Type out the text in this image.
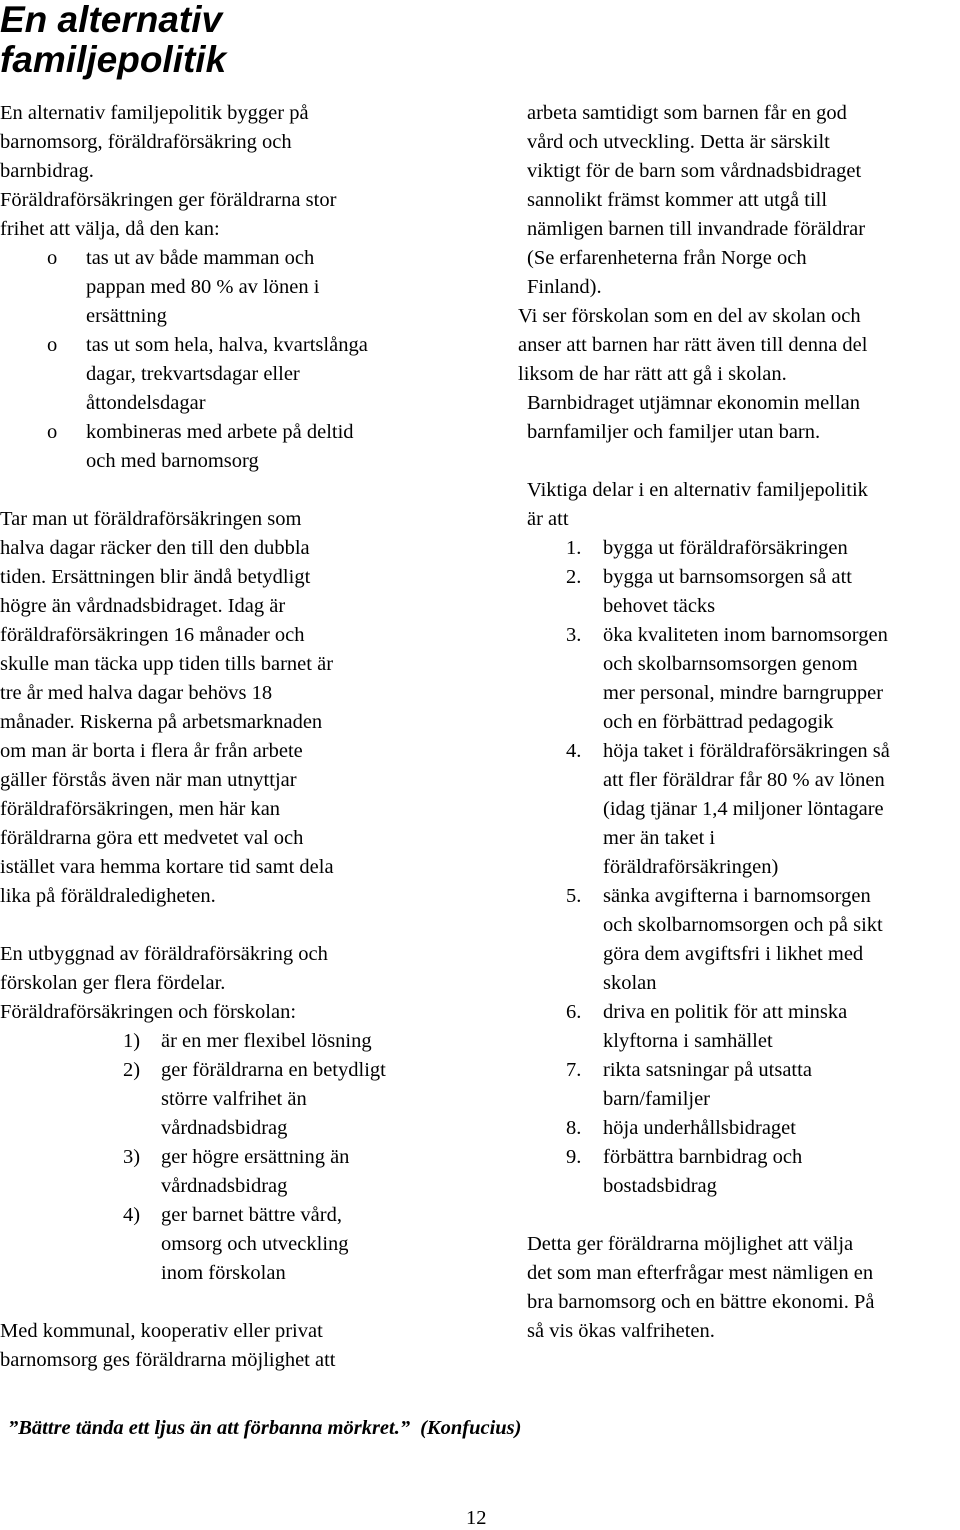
En alternativ
familjepolitik
En alternativ familjepolitik bygger på
barnomsorg, föräldraförsäkring och
barnbidrag.
Föräldraförsäkringen ger föräldrarna stor
frihet att välja, då den kan:
o tas ut av både mamman och
pappan med 80 % av lönen i
ersättning
o tas ut som hela, halva, kvartslånga
dagar, trekvartsdagar eller
åttondelsdagar
o kombineras med arbete på deltid
och med barnomsorg
Tar man ut föräldraförsäkringen som
halva dagar räcker den till den dubbla
tiden. Ersättningen blir ändå betydligt
högre än vårdnadsbidraget. Idag är
föräldraförsäkringen 16 månader och
skulle man täcka upp tiden tills barnet är
tre år med halva dagar behövs 18
månader. Riskerna på arbetsmarknaden
om man är borta i flera år från arbete
gäller förstås även när man utnyttjar
föräldraförsäkringen, men här kan
föräldrarna göra ett medvetet val och
istället vara hemma kortare tid samt dela
lika på föräldraledigheten.
En utbyggnad av föräldraförsäkring och
förskolan ger flera fördelar.
Föräldraförsäkringen och förskolan:
1) är en mer flexibel lösning
2) ger föräldrarna en betydligt
större valfrihet än
vårdnadsbidrag
3) ger högre ersättning än
vårdnadsbidrag
4) ger barnet bättre vård,
omsorg och utveckling
inom förskolan
Med kommunal, kooperativ eller privat
barnomsorg ges föräldrarna möjlighet att
arbeta samtidigt som barnen får en god
vård och utveckling. Detta är särskilt
viktigt för de barn som vårdnadsbidraget
sannolikt främst kommer att utgå till
nämligen barnen till invandrade föräldrar
(Se erfarenheterna från Norge och
Finland).
Vi ser förskolan som en del av skolan och
anser att barnen har rätt även till denna del
liksom de har rätt att gå i skolan.
Barnbidraget utjämnar ekonomin mellan
barnfamiljer och familjer utan barn.
Viktiga delar i en alternativ familjepolitik
är att
1. bygga ut föräldraförsäkringen
2. bygga ut barnsomsorgen så att
behovet täcks
3. öka kvaliteten inom barnomsorgen
och skolbarnsomsorgen genom
mer personal, mindre barngrupper
och en förbättrad pedagogik
4. höja taket i föräldraförsäkringen så
att fler föräldrar får 80 % av lönen
(idag tjänar 1,4 miljoner löntagare
mer än taket i
föräldraförsäkringen)
5. sänka avgifterna i barnomsorgen
och skolbarnomsorgen och på sikt
göra dem avgiftsfri i likhet med
skolan
6. driva en politik för att minska
klyftorna i samhället
7. rikta satsningar på utsatta
barn/familjer
8. höja underhållsbidraget
9. förbättra barnbidrag och
bostadsbidrag
Detta ger föräldrarna möjlighet att välja
det som man efterfrågar mest nämligen en
bra barnomsorg och en bättre ekonomi. På
så vis ökas valfriheten.
”Bättre tända ett ljus än att förbanna mörkret.” (Konfucius)
12
